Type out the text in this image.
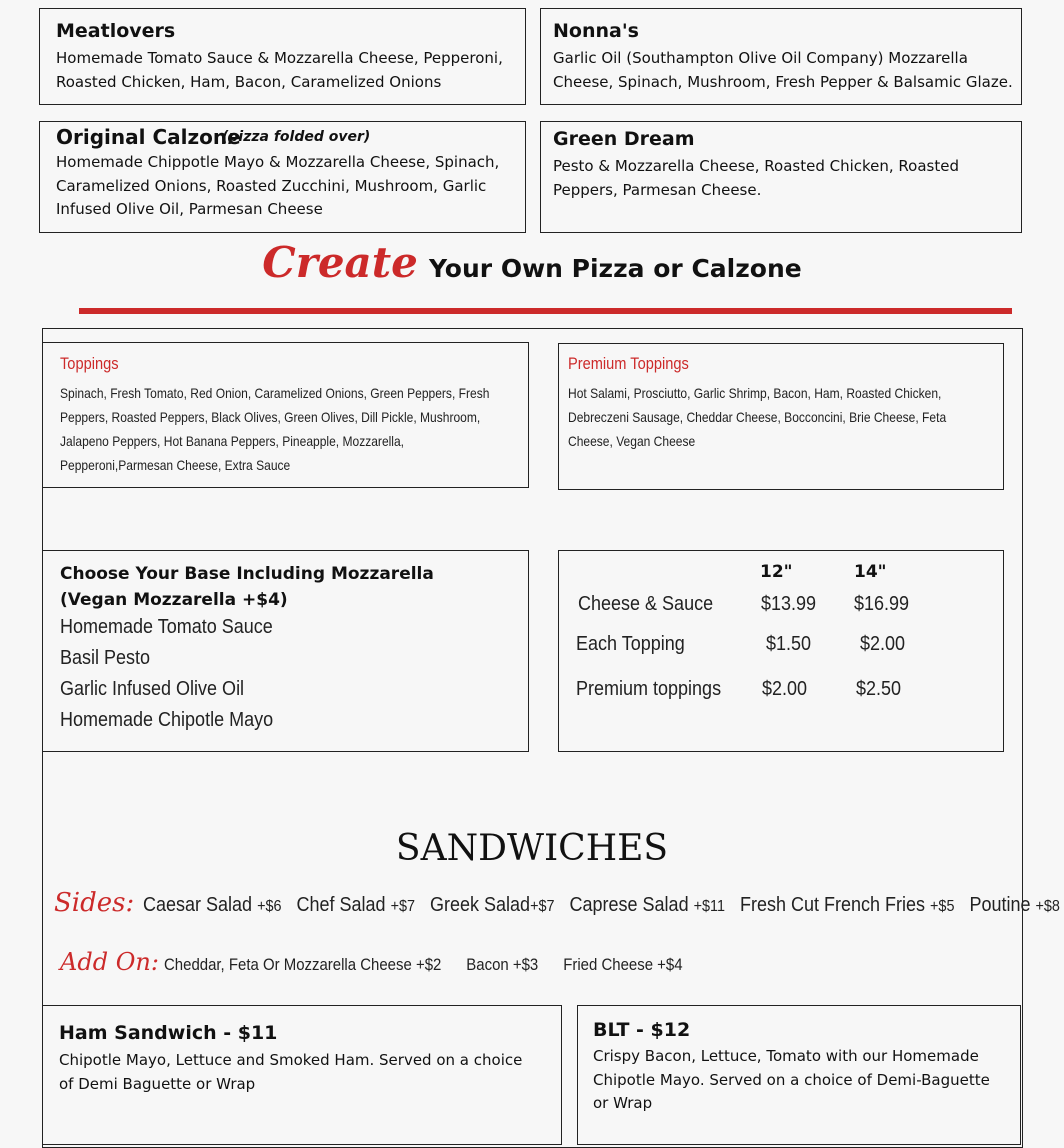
Meatlovers
Homemade Tomato Sauce & Mozzarella Cheese, Pepperoni, Roasted Chicken, Ham, Bacon, Caramelized Onions
Nonna's
Garlic Oil (Southampton Olive Oil Company) Mozzarella Cheese, Spinach, Mushroom, Fresh Pepper & Balsamic Glaze.
Original Calzone
(pizza folded over)
Homemade Chippotle Mayo & Mozzarella Cheese, Spinach, Caramelized Onions, Roasted Zucchini, Mushroom, Garlic Infused Olive Oil, Parmesan Cheese
Green Dream
Pesto & Mozzarella Cheese, Roasted Chicken, Roasted Peppers, Parmesan Cheese.
Create Your Own Pizza or Calzone
Toppings
Spinach, Fresh Tomato, Red Onion, Caramelized Onions, Green Peppers, Fresh Peppers, Roasted Peppers, Black Olives, Green Olives, Dill Pickle, Mushroom, Jalapeno Peppers, Hot Banana Peppers, Pineapple, Mozzarella, Pepperoni,Parmesan Cheese, Extra Sauce
Premium Toppings
Hot Salami, Prosciutto, Garlic Shrimp, Bacon, Ham, Roasted Chicken, Debreczeni Sausage, Cheddar Cheese, Bocconcini, Brie Cheese, Feta Cheese, Vegan Cheese
Choose Your Base Including Mozzarella
(Vegan Mozzarella +$4)
Homemade Tomato Sauce
Basil Pesto
Garlic Infused Olive Oil
Homemade Chipotle Mayo
12"	14"
Cheese & Sauce $13.99 $16.99
Each Topping	$1.50 $2.00
Premium toppings $2.00 $2.50
SANDWICHES
Sides: Caesar Salad +$6 Chef Salad +$7 Greek Salad+$7 Caprese Salad +$11 Fresh Cut French Fries +$5 Poutine +$8
Add On: Cheddar, Feta Or Mozzarella Cheese +$2 Bacon +$3 Fried Cheese +$4
Ham Sandwich - $11
Chipotle Mayo, Lettuce and Smoked Ham. Served on a choice of Demi Baguette or Wrap
BLT - $12
Crispy Bacon, Lettuce, Tomato with our Homemade Chipotle Mayo. Served on a choice of Demi-Baguette or Wrap
